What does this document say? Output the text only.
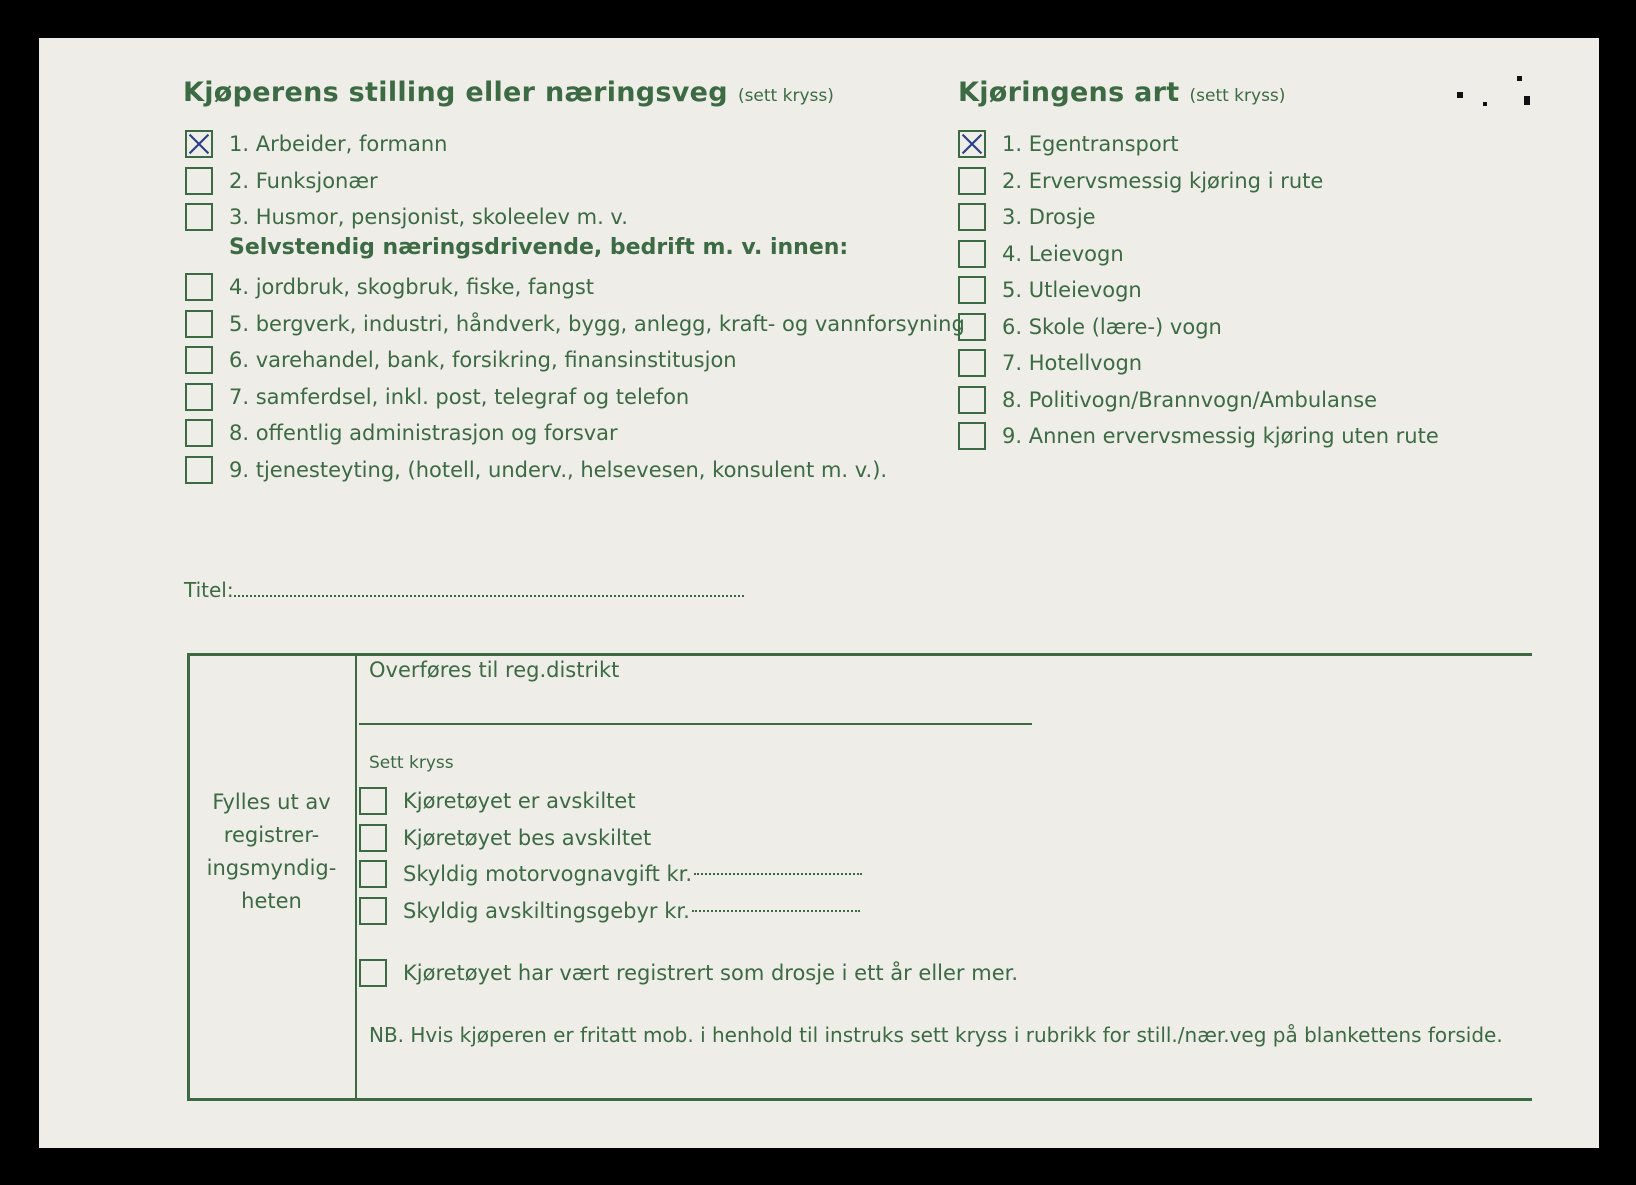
Kjøperens stilling eller næringsveg (sett kryss)
1. Arbeider, formann
2. Funksjonær
3. Husmor, pensjonist, skoleelev m. v.
Selvstendig næringsdrivende, bedrift m. v. innen:
4. jordbruk, skogbruk, fiske, fangst
5. bergverk, industri, håndverk, bygg, anlegg, kraft- og vannforsyning
6. varehandel, bank, forsikring, finansinstitusjon
7. samferdsel, inkl. post, telegraf og telefon
8. offentlig administrasjon og forsvar
9. tjenesteyting, (hotell, underv., helsevesen, konsulent m. v.).
Kjøringens art (sett kryss)
1. Egentransport
2. Ervervsmessig kjøring i rute
3. Drosje
4. Leievogn
5. Utleievogn
6. Skole (lære-) vogn
7. Hotellvogn
8. Politivogn/Brannvogn/Ambulanse
9. Annen ervervsmessig kjøring uten rute
Titel:
Fylles ut av registrer-ingsmyndig-heten
Overføres til reg.distrikt
Sett kryss
Kjøretøyet er avskiltet
Kjøretøyet bes avskiltet
Skyldig motorvognavgift kr.
Skyldig avskiltingsgebyr kr.
Kjøretøyet har vært registrert som drosje i ett år eller mer.
NB. Hvis kjøperen er fritatt mob. i henhold til instruks sett kryss i rubrikk for still./nær.veg på blankettens forside.
